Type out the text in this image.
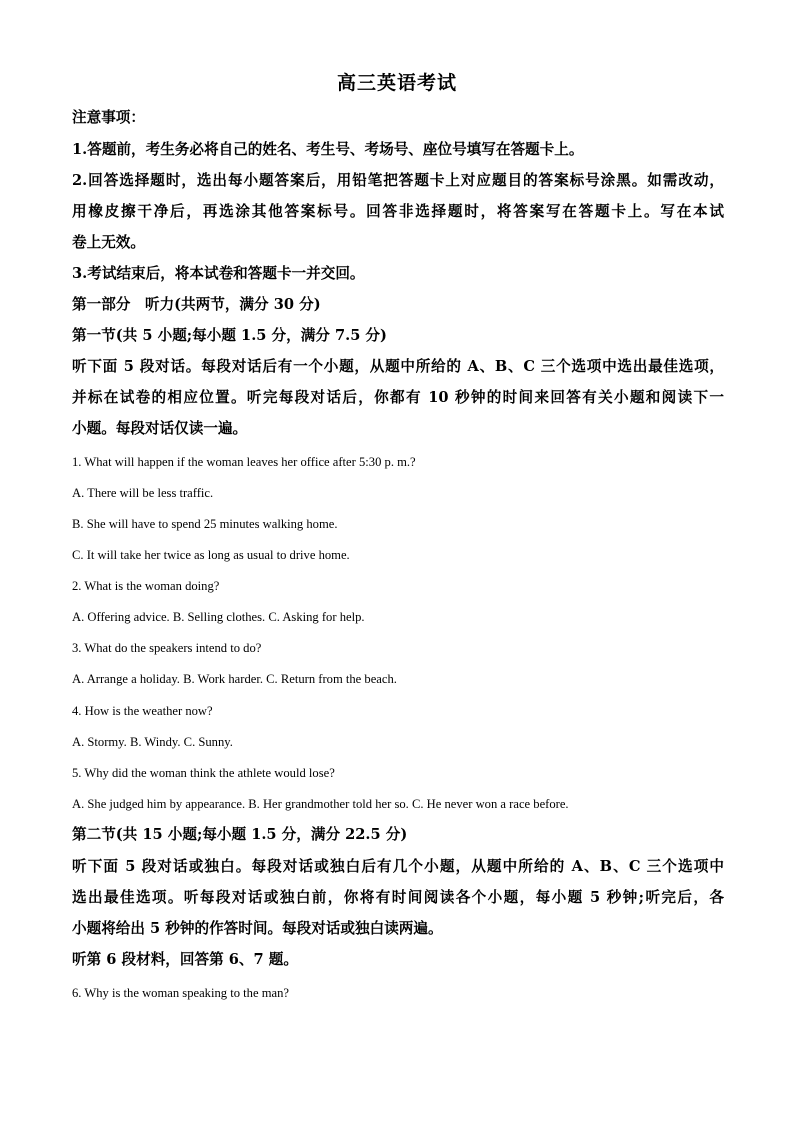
高三英语考试
注意事项：
1.答题前，考生务必将自己的姓名、考生号、考场号、座位号填写在答题卡上。
2.回答选择题时，选出每小题答案后，用铅笔把答题卡上对应题目的答案标号涂黑。如需改动，
用橡皮擦干净后，再选涂其他答案标号。回答非选择题时，将答案写在答题卡上。写在本试
卷上无效。
3.考试结束后，将本试卷和答题卡一并交回。
第一部分　听力(共两节，满分 30 分)
第一节(共 5 小题;每小题 1.5 分，满分 7.5 分)
听下面 5 段对话。每段对话后有一个小题，从题中所给的 A、B、C 三个选项中选出最佳选项，
并标在试卷的相应位置。听完每段对话后，你都有 10 秒钟的时间来回答有关小题和阅读下一
小题。每段对话仅读一遍。
1. What will happen if the woman leaves her office after 5:30 p. m.?
A. There will be less traffic.
B. She will have to spend 25 minutes walking home.
C. It will take her twice as long as usual to drive home.
2. What is the woman doing?
A. Offering advice. B. Selling clothes. C. Asking for help.
3. What do the speakers intend to do?
A. Arrange a holiday. B. Work harder. C. Return from the beach.
4. How is the weather now?
A. Stormy. B. Windy. C. Sunny.
5. Why did the woman think the athlete would lose?
A. She judged him by appearance. B. Her grandmother told her so. C. He never won a race before.
第二节(共 15 小题;每小题 1.5 分，满分 22.5 分)
听下面 5 段对话或独白。每段对话或独白后有几个小题，从题中所给的 A、B、C 三个选项中
选出最佳选项。听每段对话或独白前，你将有时间阅读各个小题，每小题 5 秒钟;听完后，各
小题将给出 5 秒钟的作答时间。每段对话或独白读两遍。
听第 6 段材料，回答第 6、7 题。
6. Why is the woman speaking to the man?
